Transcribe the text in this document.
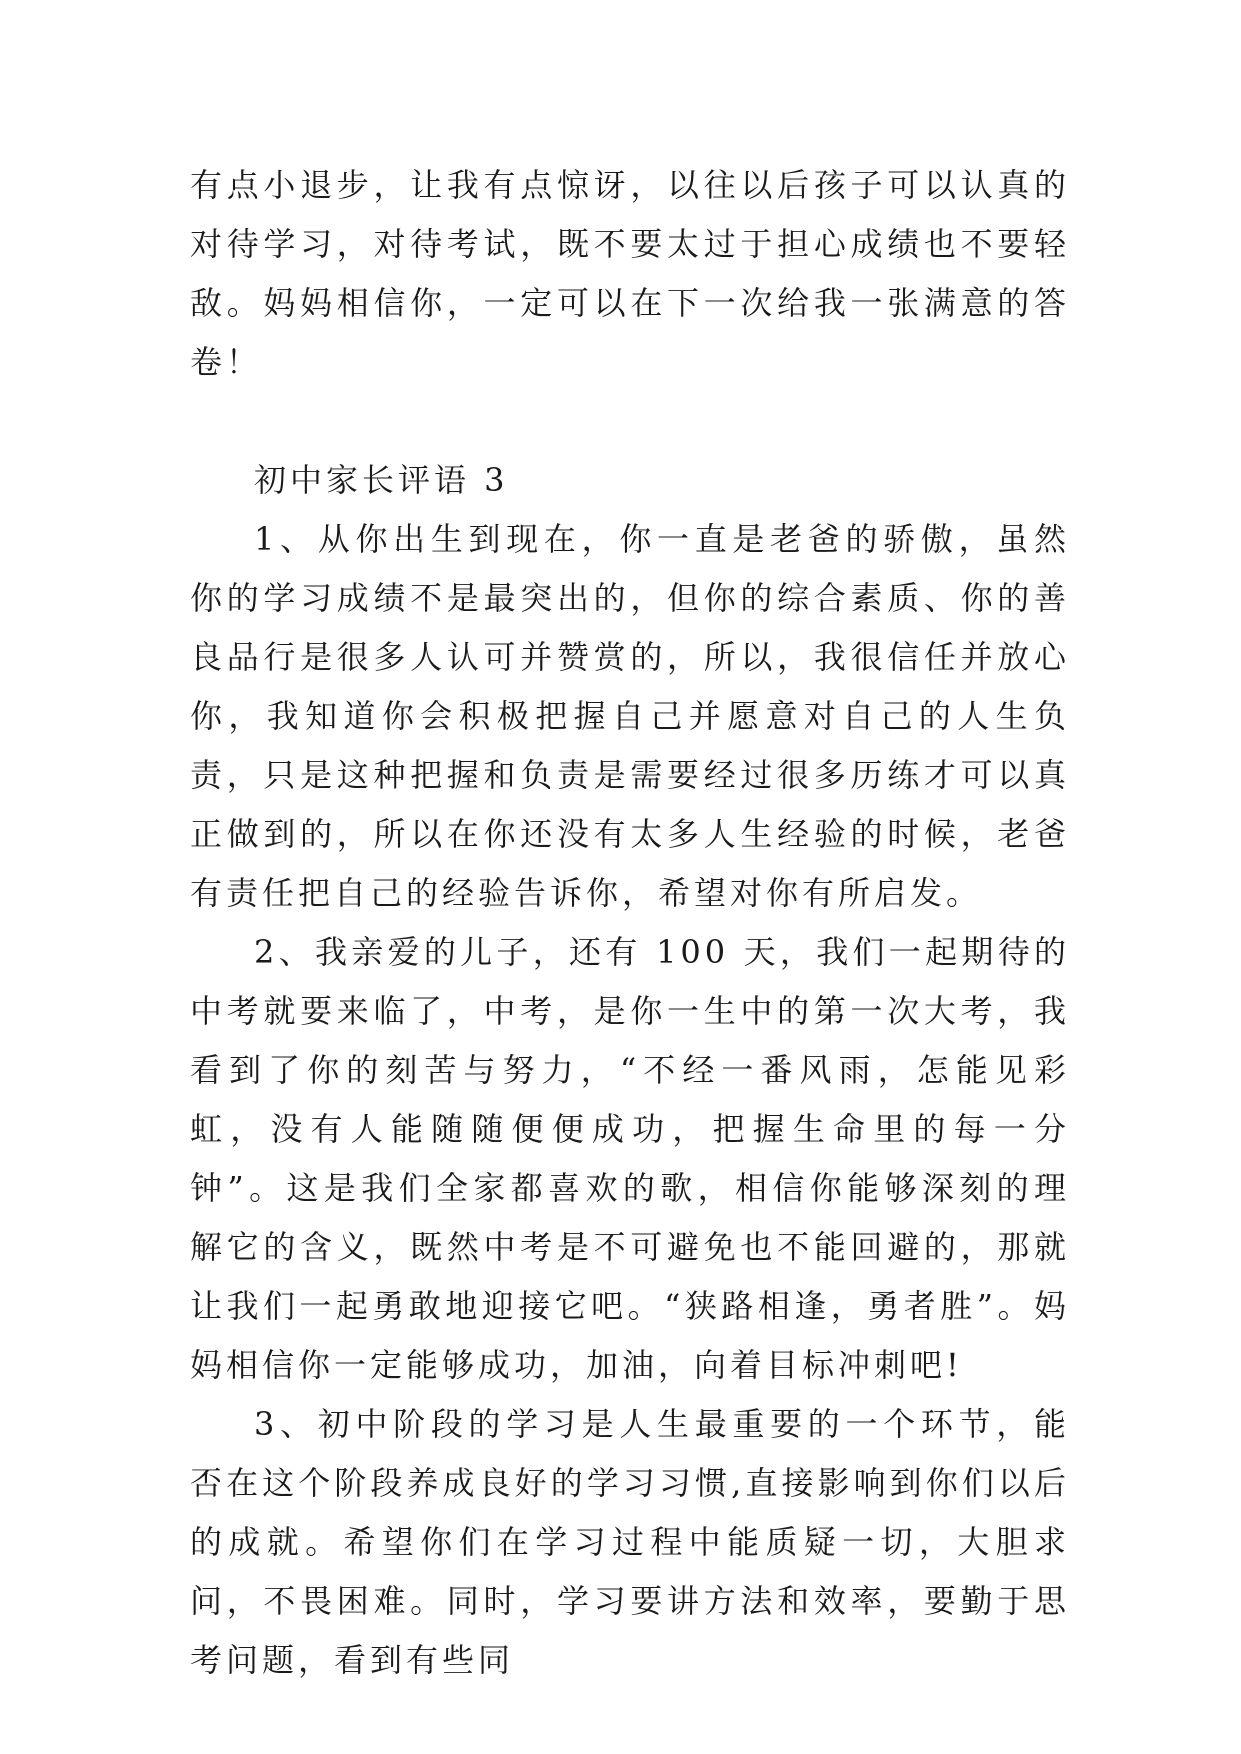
有点小退步，让我有点惊讶，以往以后孩子可以认真的对待学习，对待考试，既不要太过于担心成绩也不要轻敌。妈妈相信你，一定可以在下一次给我一张满意的答卷！

初中家长评语 3

1、从你出生到现在，你一直是老爸的骄傲，虽然你的学习成绩不是最突出的，但你的综合素质、你的善良品行是很多人认可并赞赏的，所以，我很信任并放心你，我知道你会积极把握自己并愿意对自己的人生负责，只是这种把握和负责是需要经过很多历练才可以真正做到的，所以在你还没有太多人生经验的时候，老爸有责任把自己的经验告诉你，希望对你有所启发。

2、我亲爱的儿子，还有 100 天，我们一起期待的中考就要来临了，中考，是你一生中的第一次大考，我看到了你的刻苦与努力，“不经一番风雨，怎能见彩虹，没有人能随随便便成功，把握生命里的每一分钟”。这是我们全家都喜欢的歌，相信你能够深刻的理解它的含义，既然中考是不可避免也不能回避的，那就让我们一起勇敢地迎接它吧。“狭路相逢，勇者胜”。妈妈相信你一定能够成功，加油，向着目标冲刺吧!

3、初中阶段的学习是人生最重要的一个环节，能否在这个阶段养成良好的学习习惯,直接影响到你们以后的成就。希望你们在学习过程中能质疑一切，大胆求问，不畏困难。同时，学习要讲方法和效率，要勤于思考问题，看到有些同
